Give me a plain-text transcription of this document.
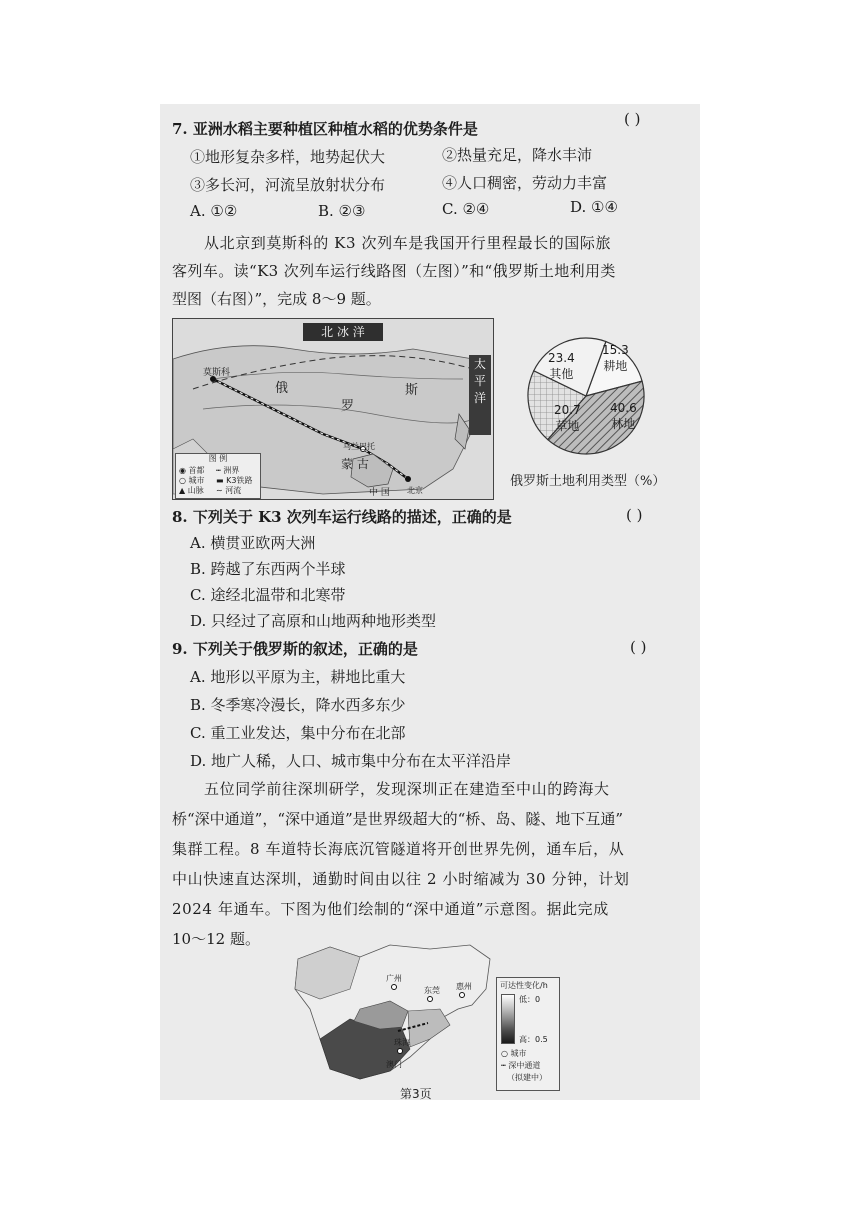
7. 亚洲水稻主要种植区种植水稻的优势条件是
( )
①地形复杂多样，地势起伏大	②热量充足，降水丰沛
③多长河，河流呈放射状分布	④人口稠密，劳动力丰富
A. ①②	B. ②③	C. ②④	D. ①④
从北京到莫斯科的 K3 次列车是我国开行里程最长的国际旅
客列车。读“K3 次列车运行线路图（左图）”和“俄罗斯土地利用类
型图（右图）”，完成 8～9 题。
北 冰 洋
太
平
洋
莫斯科
俄
罗
斯
蒙 古
乌兰巴托
中 国 北京
图 例
◉ 首都
○ 城市
▲ 山脉
┅ 洲界
▬ K3铁路
∼ 河流
23.4
其他
15.3
耕地
20.7
草地
40.6
林地
俄罗斯土地利用类型（%）
8. 下列关于 K3 次列车运行线路的描述，正确的是	( )
A. 横贯亚欧两大洲
B. 跨越了东西两个半球
C. 途经北温带和北寒带
D. 只经过了高原和山地两种地形类型
9. 下列关于俄罗斯的叙述，正确的是	( )
A. 地形以平原为主，耕地比重大
B. 冬季寒冷漫长，降水西多东少
C. 重工业发达，集中分布在北部
D. 地广人稀，人口、城市集中分布在太平洋沿岸
五位同学前往深圳研学，发现深圳正在建造至中山的跨海大
桥“深中通道”，“深中通道”是世界级超大的“桥、岛、隧、地下互通”
集群工程。8 车道特长海底沉管隧道将开创世界先例，通车后，从
中山快速直达深圳，通勤时间由以往 2 小时缩减为 30 分钟，计划
2024 年通车。下图为他们绘制的“深中通道”示意图。据此完成
10～12 题。
广州
东莞 惠州
珠海
澳门
可达性变化/h
低：0
高：0.5
○ 城市
┅ 深中通道
（拟建中）
第3页
